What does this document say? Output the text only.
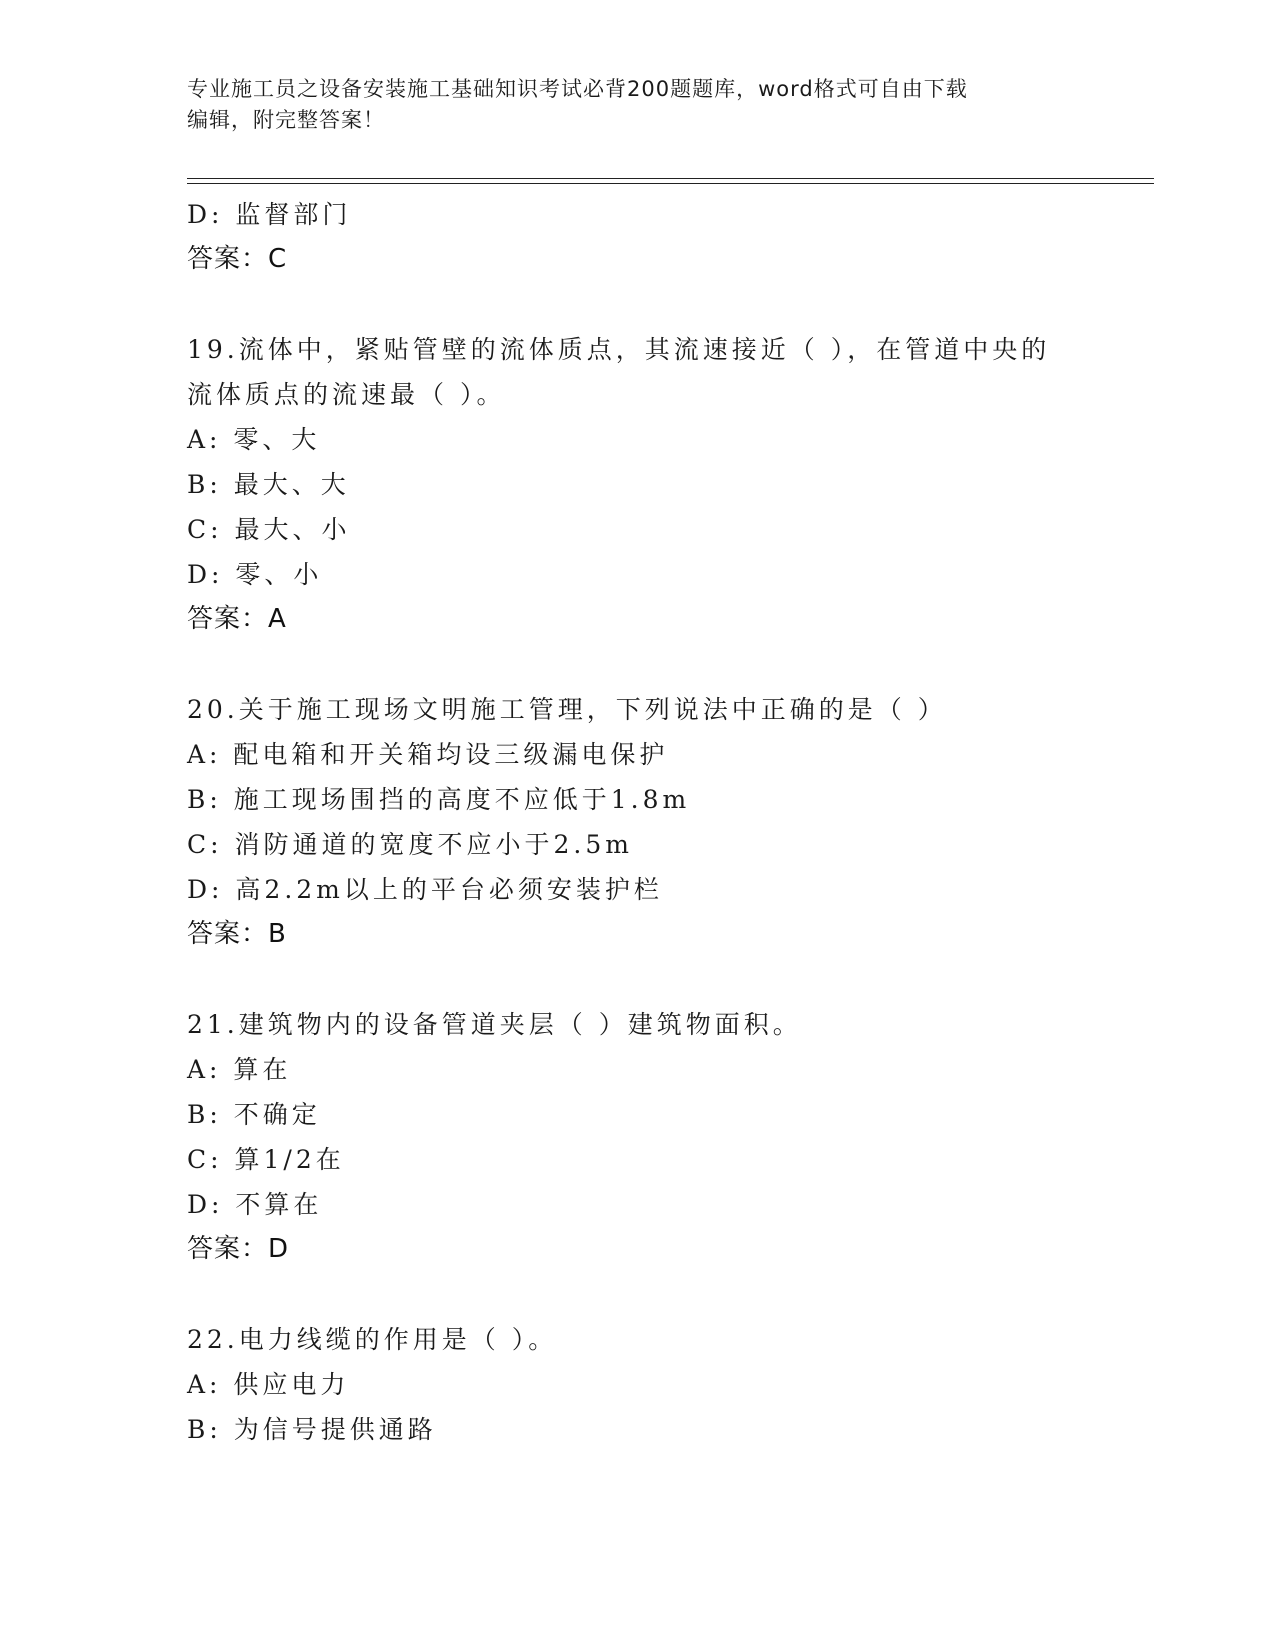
专业施工员之设备安装施工基础知识考试必背200题题库，word格式可自由下载
编辑，附完整答案！
D: 监督部门
答案：C
19.流体中，紧贴管壁的流体质点，其流速接近（ ），在管道中央的
流体质点的流速最（ ）。
A: 零、大
B: 最大、大
C: 最大、小
D: 零、小
答案：A
20.关于施工现场文明施工管理，下列说法中正确的是（ ）
A: 配电箱和开关箱均设三级漏电保护
B: 施工现场围挡的高度不应低于1.8m
C: 消防通道的宽度不应小于2.5m
D: 高2.2m以上的平台必须安装护栏
答案：B
21.建筑物内的设备管道夹层（ ）建筑物面积。
A: 算在
B: 不确定
C: 算1/2在
D: 不算在
答案：D
22.电力线缆的作用是（ ）。
A: 供应电力
B: 为信号提供通路
